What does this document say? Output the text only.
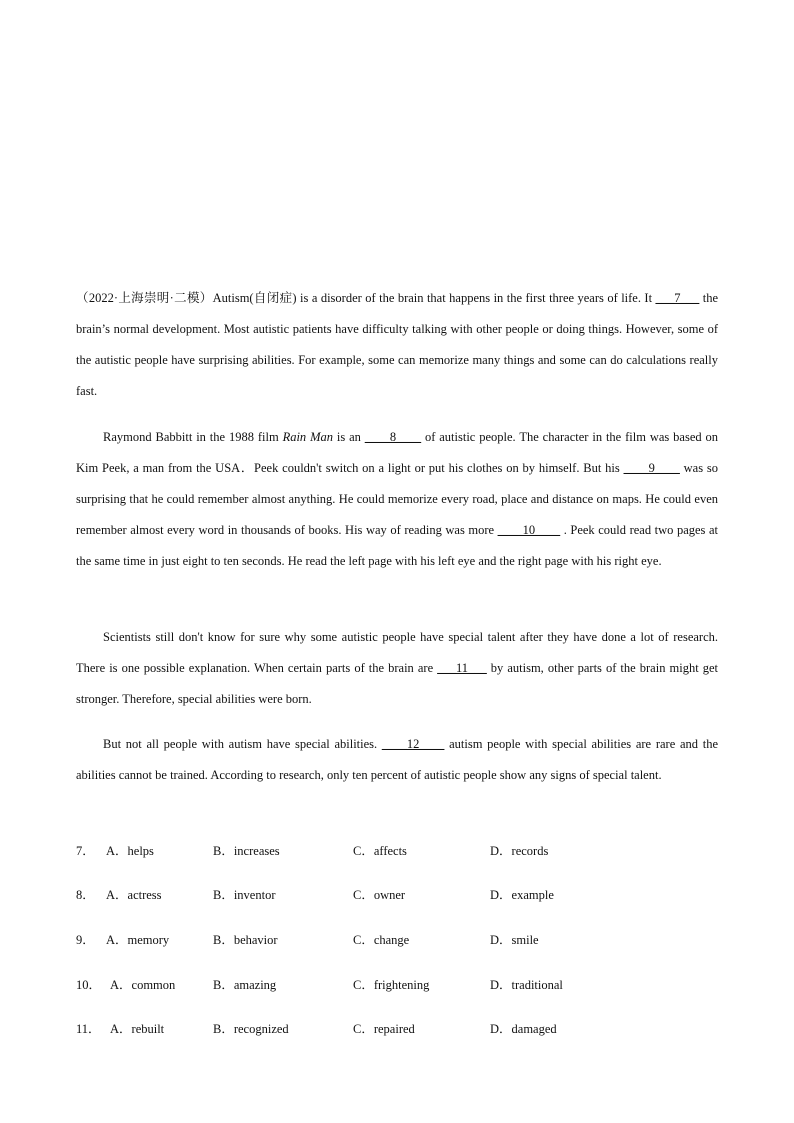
（2022·上海崇明·二模）Autism(自闭症) is a disorder of the brain that happens in the first three years of life. It ___7___ the brain’s normal development. Most autistic patients have difficulty talking with other people or doing things. However, some of the autistic people have surprising abilities. For example, some can memorize many things and some can do calculations really fast.

Raymond Babbitt in the 1988 film Rain Man is an ____8____ of autistic people. The character in the film was based on Kim Peek, a man from the USA．Peek couldn't switch on a light or put his clothes on by himself. But his ____9____ was so surprising that he could remember almost anything. He could memorize every road, place and distance on maps. He could even remember almost every word in thousands of books. His way of reading was more ____10____ . Peek could read two pages at the same time in just eight to ten seconds. He read the left page with his left eye and the right page with his right eye.

Scientists still don't know for sure why some autistic people have special talent after they have done a lot of research. There is one possible explanation. When certain parts of the brain are ___11___ by autism, other parts of the brain might get stronger. Therefore, special abilities were born.

But not all people with autism have special abilities. ____12____ autism people with special abilities are rare and the abilities cannot be trained. According to research, only ten percent of autistic people show any signs of special talent.

7． A．helps	B．increases	C．affects	D．records
8． A．actress	B．inventor	C．owner	D．example
9． A．memory	B．behavior	C．change	D．smile
10． A．common	B．amazing	C．frightening	D．traditional
11． A．rebuilt	B．recognized	C．repaired	D．damaged
